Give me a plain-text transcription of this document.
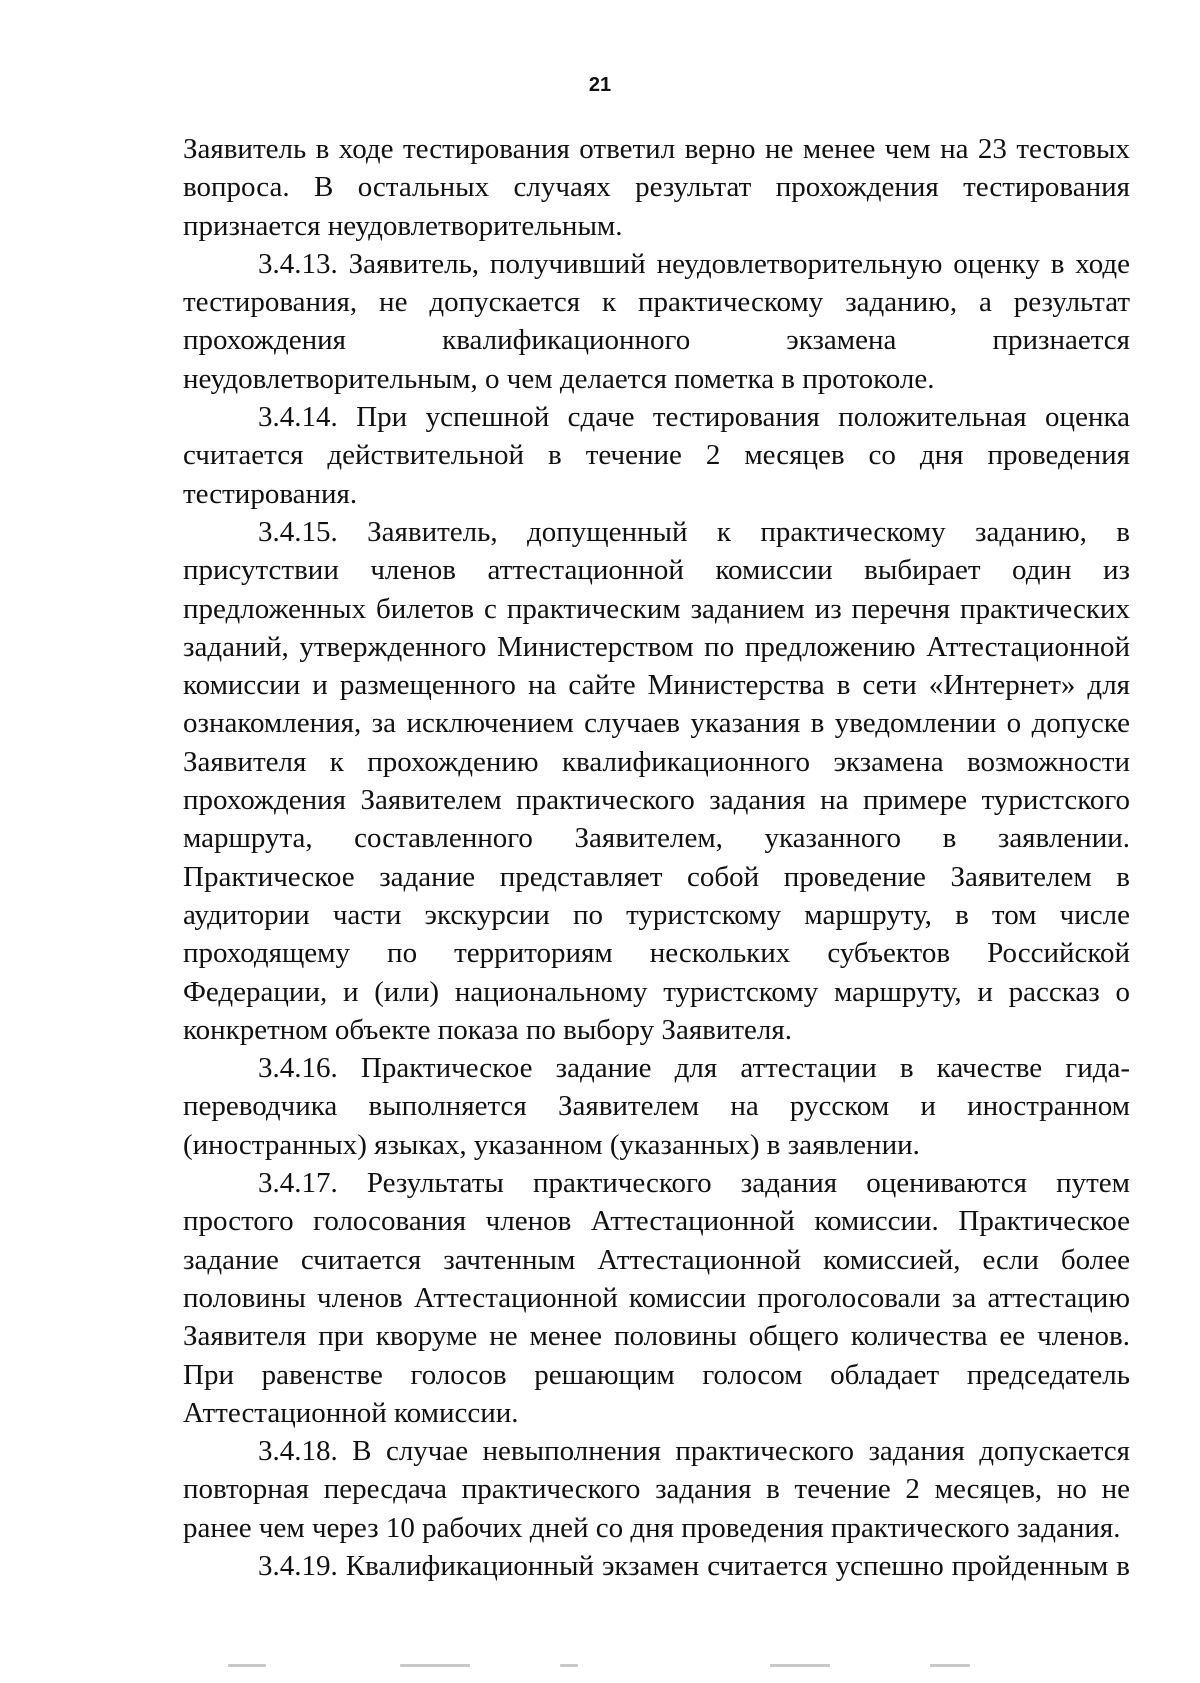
21

Заявитель в ходе тестирования ответил верно не менее чем на 23 тестовых вопроса. В остальных случаях результат прохождения тестирования признается неудовлетворительным.

3.4.13. Заявитель, получивший неудовлетворительную оценку в ходе тестирования, не допускается к практическому заданию, а результат прохождения квалификационного экзамена признается неудовлетворительным, о чем делается пометка в протоколе.

3.4.14. При успешной сдаче тестирования положительная оценка считается действительной в течение 2 месяцев со дня проведения тестирования.

3.4.15. Заявитель, допущенный к практическому заданию, в присутствии членов аттестационной комиссии выбирает один из предложенных билетов с практическим заданием из перечня практических заданий, утвержденного Министерством по предложению Аттестационной комиссии и размещенного на сайте Министерства в сети «Интернет» для ознакомления, за исключением случаев указания в уведомлении о допуске Заявителя к прохождению квалификационного экзамена возможности прохождения Заявителем практического задания на примере туристского маршрута, составленного Заявителем, указанного в заявлении. Практическое задание представляет собой проведение Заявителем в аудитории части экскурсии по туристскому маршруту, в том числе проходящему по территориям нескольких субъектов Российской Федерации, и (или) национальному туристскому маршруту, и рассказ о конкретном объекте показа по выбору Заявителя.

3.4.16. Практическое задание для аттестации в качестве гида-переводчика выполняется Заявителем на русском и иностранном (иностранных) языках, указанном (указанных) в заявлении.

3.4.17. Результаты практического задания оцениваются путем простого голосования членов Аттестационной комиссии. Практическое задание считается зачтенным Аттестационной комиссией, если более половины членов Аттестационной комиссии проголосовали за аттестацию Заявителя при кворуме не менее половины общего количества ее членов. При равенстве голосов решающим голосом обладает председатель Аттестационной комиссии.

3.4.18. В случае невыполнения практического задания допускается повторная пересдача практического задания в течение 2 месяцев, но не ранее чем через 10 рабочих дней со дня проведения практического задания.

3.4.19. Квалификационный экзамен считается успешно пройденным в
